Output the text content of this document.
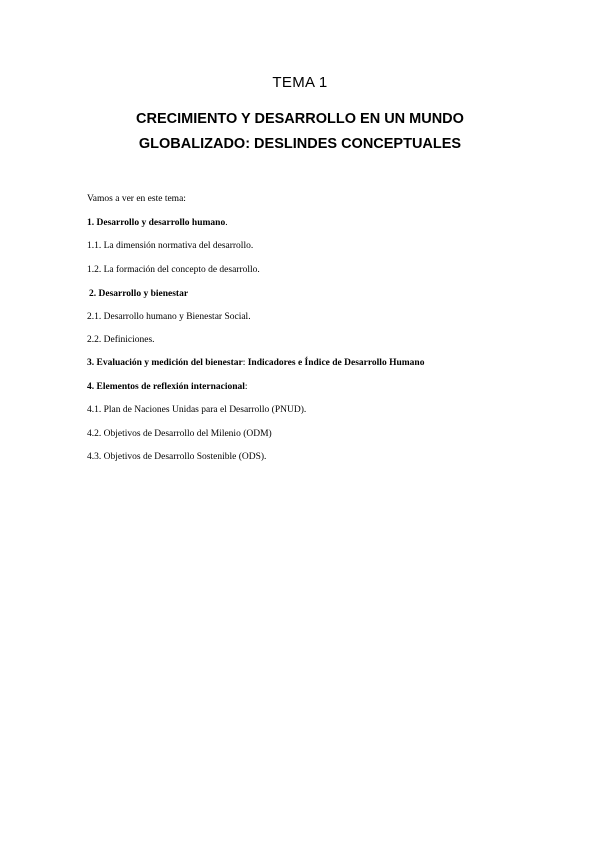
TEMA 1
CRECIMIENTO Y DESARROLLO EN UN MUNDO
GLOBALIZADO: DESLINDES CONCEPTUALES
Vamos a ver en este tema:
1. Desarrollo y desarrollo humano.
1.1. La dimensión normativa del desarrollo.
1.2. La formación del concepto de desarrollo.
2. Desarrollo y bienestar
2.1. Desarrollo humano y Bienestar Social.
2.2. Definiciones.
3. Evaluación y medición del bienestar: Indicadores e Índice de Desarrollo Humano
4. Elementos de reflexión internacional:
4.1. Plan de Naciones Unidas para el Desarrollo (PNUD).
4.2. Objetivos de Desarrollo del Milenio (ODM)
4.3. Objetivos de Desarrollo Sostenible (ODS).
